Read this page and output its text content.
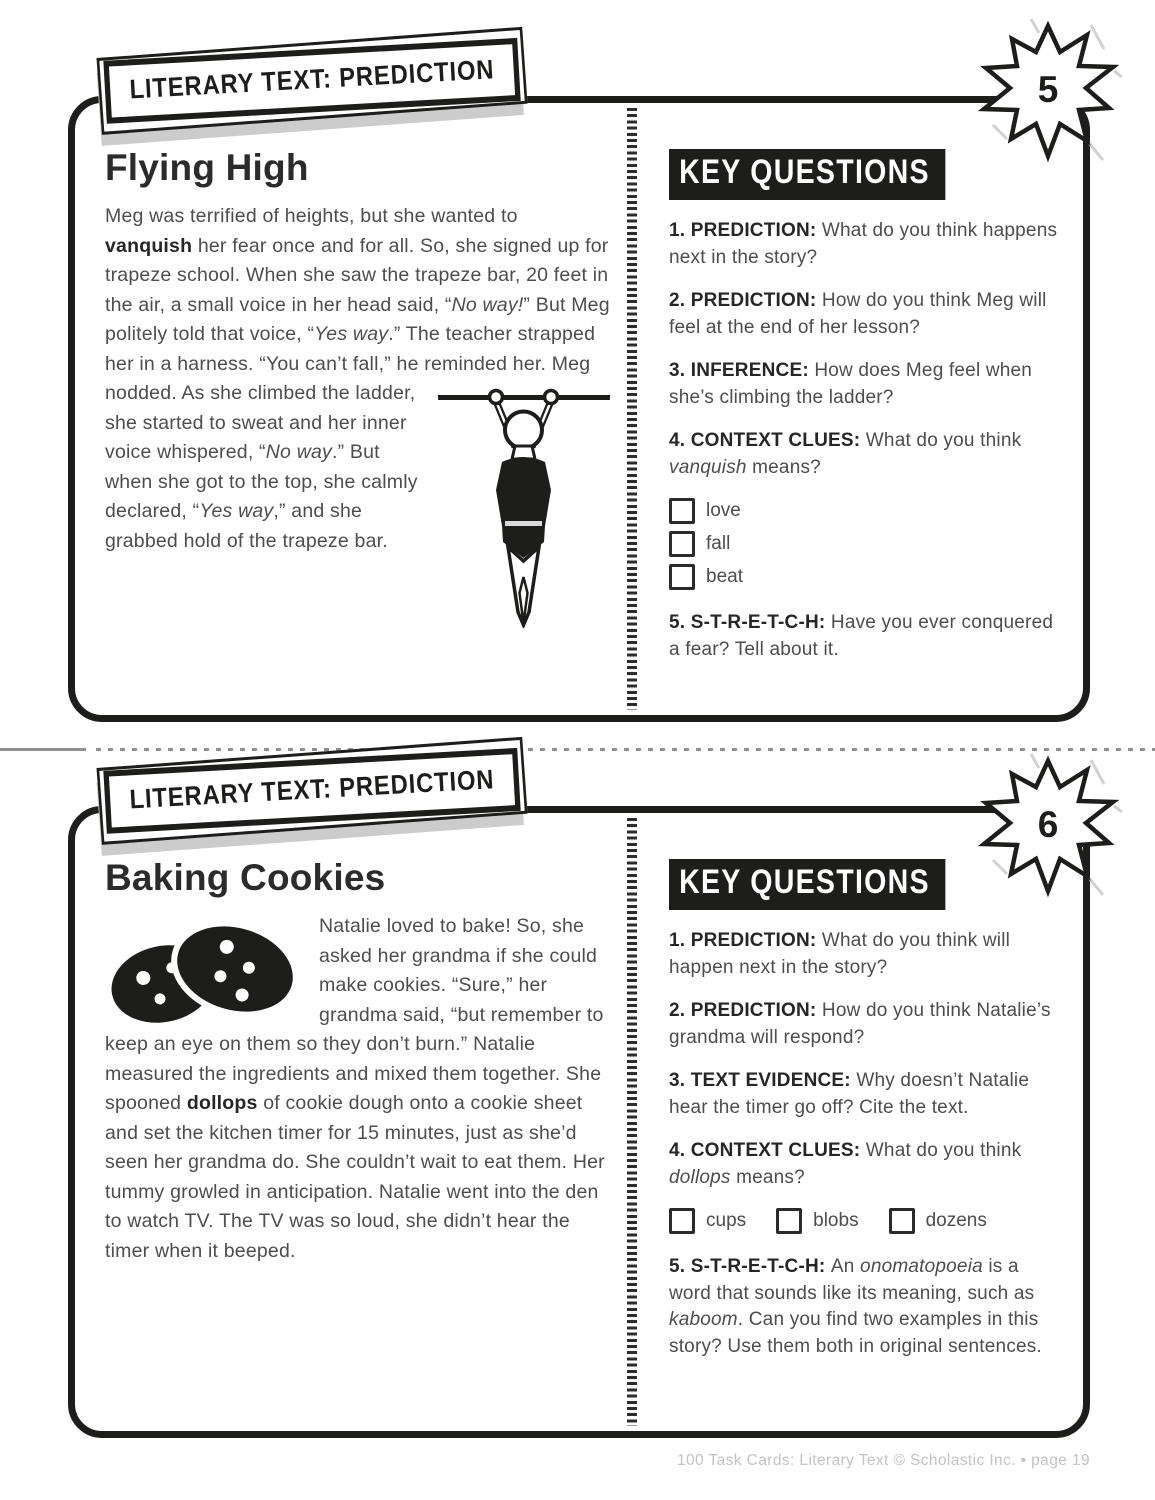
LITERARY TEXT: PREDICTION	5
Flying High

Meg was terrified of heights, but she wanted to vanquish her fear once and for all. So, she signed up for trapeze school. When she saw the trapeze bar, 20 feet in the air, a small voice in her head said, “No way!” But Meg politely told that voice, “Yes way.” The teacher strapped her in a harness. “You can’t fall,” he reminded her. Meg nodded. As she climbed
the ladder, she started to sweat and her inner voice whispered, “No way.” But when she got to the top, she calmly declared, “Yes way,” and she grabbed hold of the trapeze bar.

KEY QUESTIONS
1. PREDICTION: What do you think happens next in the story?
2. PREDICTION: How do you think Meg will feel at the end of her lesson?
3. INFERENCE: How does Meg feel when she’s climbing the ladder?
4. CONTEXT CLUES: What do you think vanquish means?
love
fall
beat
5. S-T-R-E-T-C-H: Have you ever conquered a fear? Tell about it.
LITERARY TEXT: PREDICTION
6
Baking Cookies

Natalie loved to bake! So, she asked her grandma if she could make cookies. “Sure,” her grandma said, “but remember to keep an eye on them so they don’t burn.” Natalie measured the ingredients and mixed them together. She spooned dollops of cookie dough onto a cookie sheet and set the kitchen timer for 15 minutes, just as she’d seen her grandma do. She couldn’t wait to eat them. Her tummy growled in anticipation. Natalie went into the den to watch TV. The TV was so loud, she didn’t hear the timer when it beeped.

KEY QUESTIONS
1. PREDICTION: What do you think will happen next in the story?
2. PREDICTION: How do you think Natalie’s grandma will respond?
3. TEXT EVIDENCE: Why doesn’t Natalie hear the timer go off? Cite the text.
4. CONTEXT CLUES: What do you think dollops means?
cups	blobs	dozens
5. S-T-R-E-T-C-H: An onomatopoeia is a word that sounds like its meaning, such as kaboom. Can you find two examples in this story? Use them both in original sentences.
100 Task Cards: Literary Text © Scholastic Inc. • page 19
